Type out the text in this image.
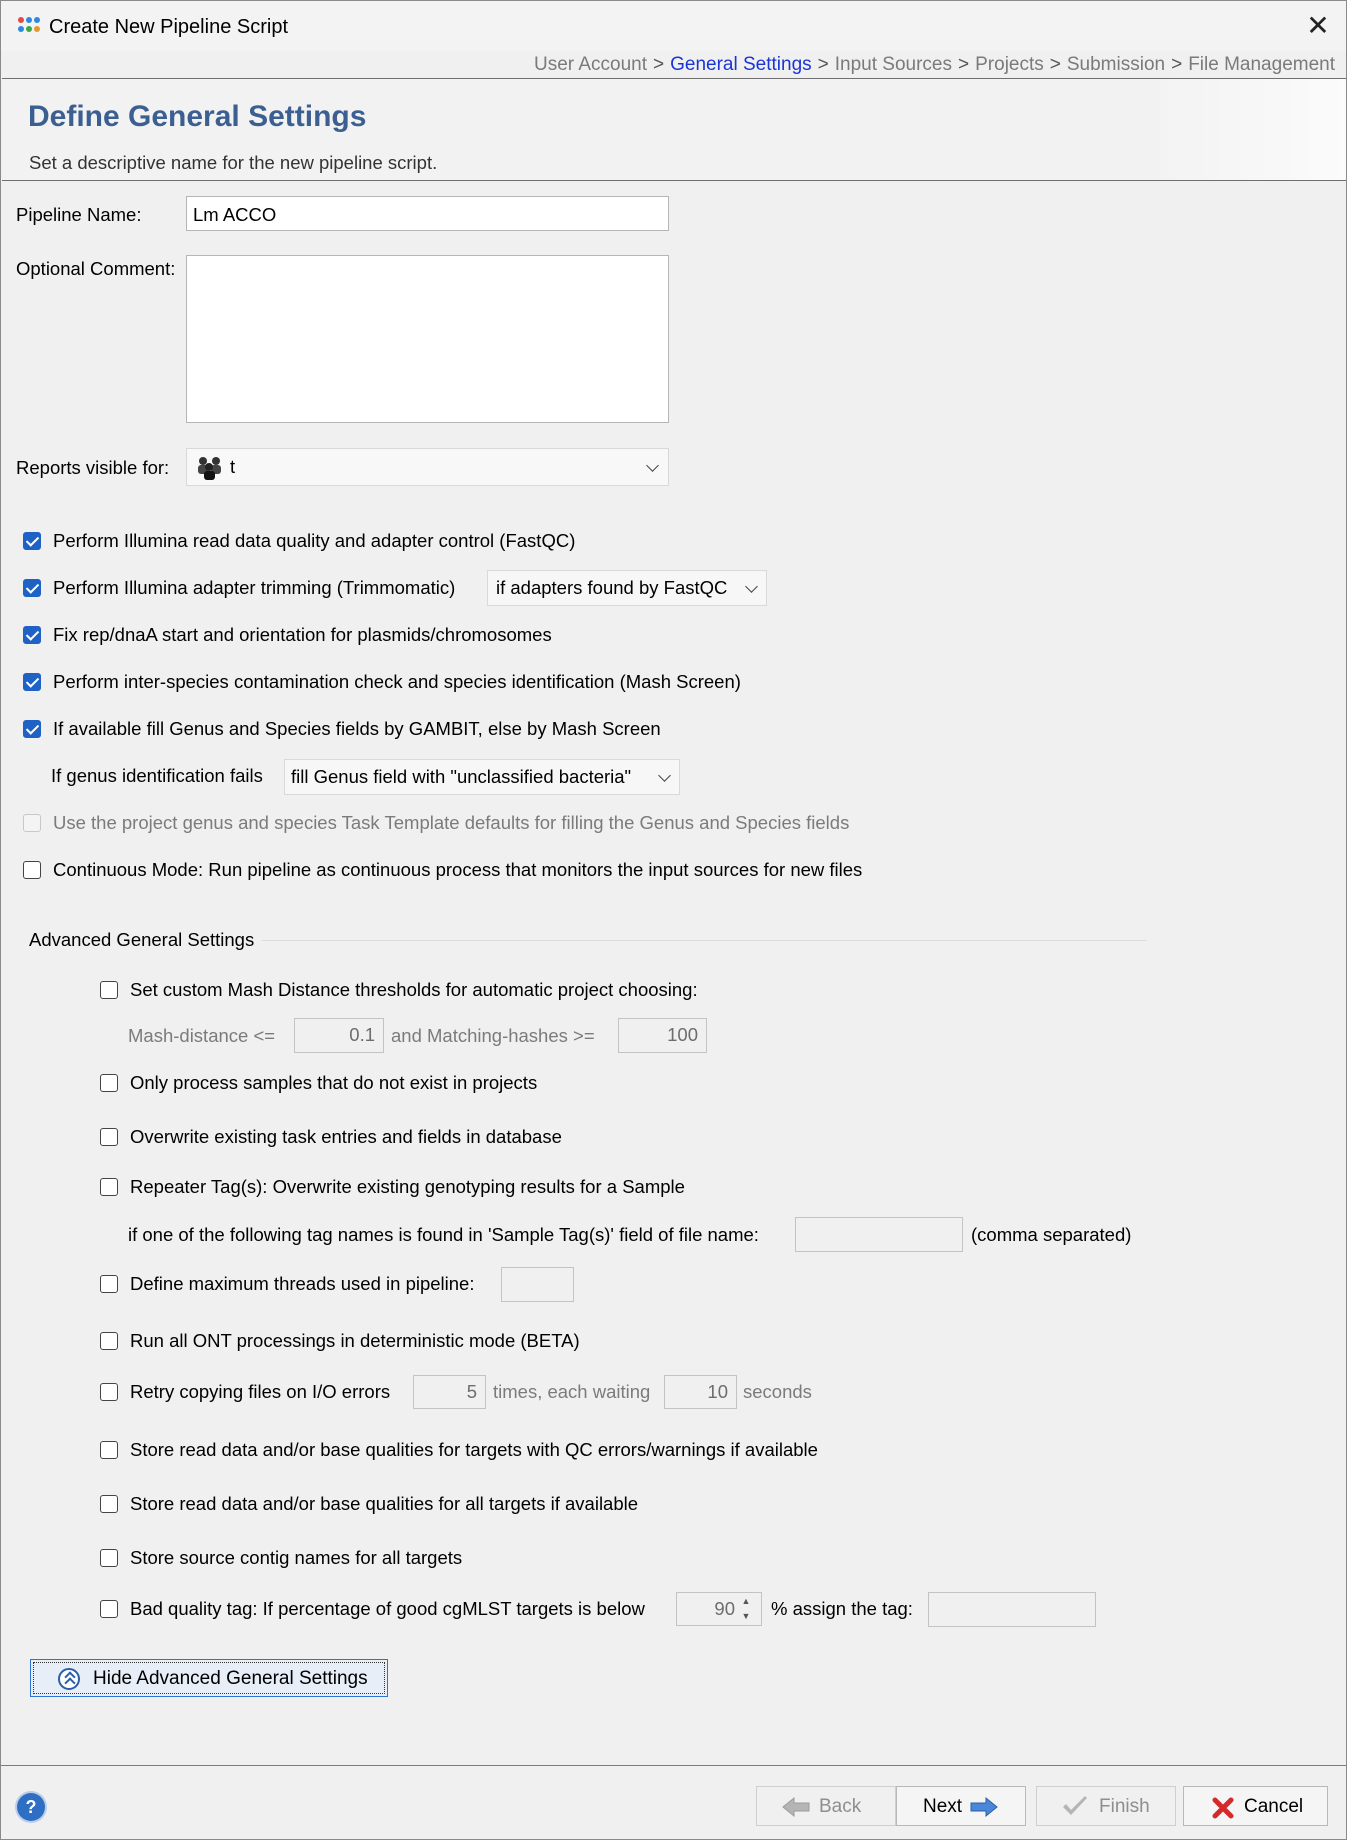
Create New Pipeline Script	✕
User Account > General Settings > Input Sources > Projects > Submission > File Management
Define General Settings
Set a descriptive name for the new pipeline script.
Pipeline Name:	Lm ACCO
Optional Comment:
Reports visible for:	t
Perform Illumina read data quality and adapter control (FastQC)
Perform Illumina adapter trimming (Trimmomatic) if adapters found by FastQC
Fix rep/dnaA start and orientation for plasmids/chromosomes
Perform inter-species contamination check and species identification (Mash Screen)
If available fill Genus and Species fields by GAMBIT, else by Mash Screen
If genus identification fails fill Genus field with "unclassified bacteria"
Use the project genus and species Task Template defaults for filling the Genus and Species fields
Continuous Mode: Run pipeline as continuous process that monitors the input sources for new files
Advanced General Settings
Set custom Mash Distance thresholds for automatic project choosing:
Mash-distance <=	0.1 and Matching-hashes >=	100
Only process samples that do not exist in projects
Overwrite existing task entries and fields in database
Repeater Tag(s): Overwrite existing genotyping results for a Sample
if one of the following tag names is found in 'Sample Tag(s)' field of file name:	(comma separated)
Define maximum threads used in pipeline:
Run all ONT processings in deterministic mode (BETA)
Retry copying files on I/O errors	5 times, each waiting	10 seconds
Store read data and/or base qualities for targets with QC errors/warnings if available
Store read data and/or base qualities for all targets if available
Store source contig names for all targets
Bad quality tag: If percentage of good cgMLST targets is below	90 ▲
▼ % assign the tag:
Hide Advanced General Settings
?	Back	Next	Finish	Cancel
